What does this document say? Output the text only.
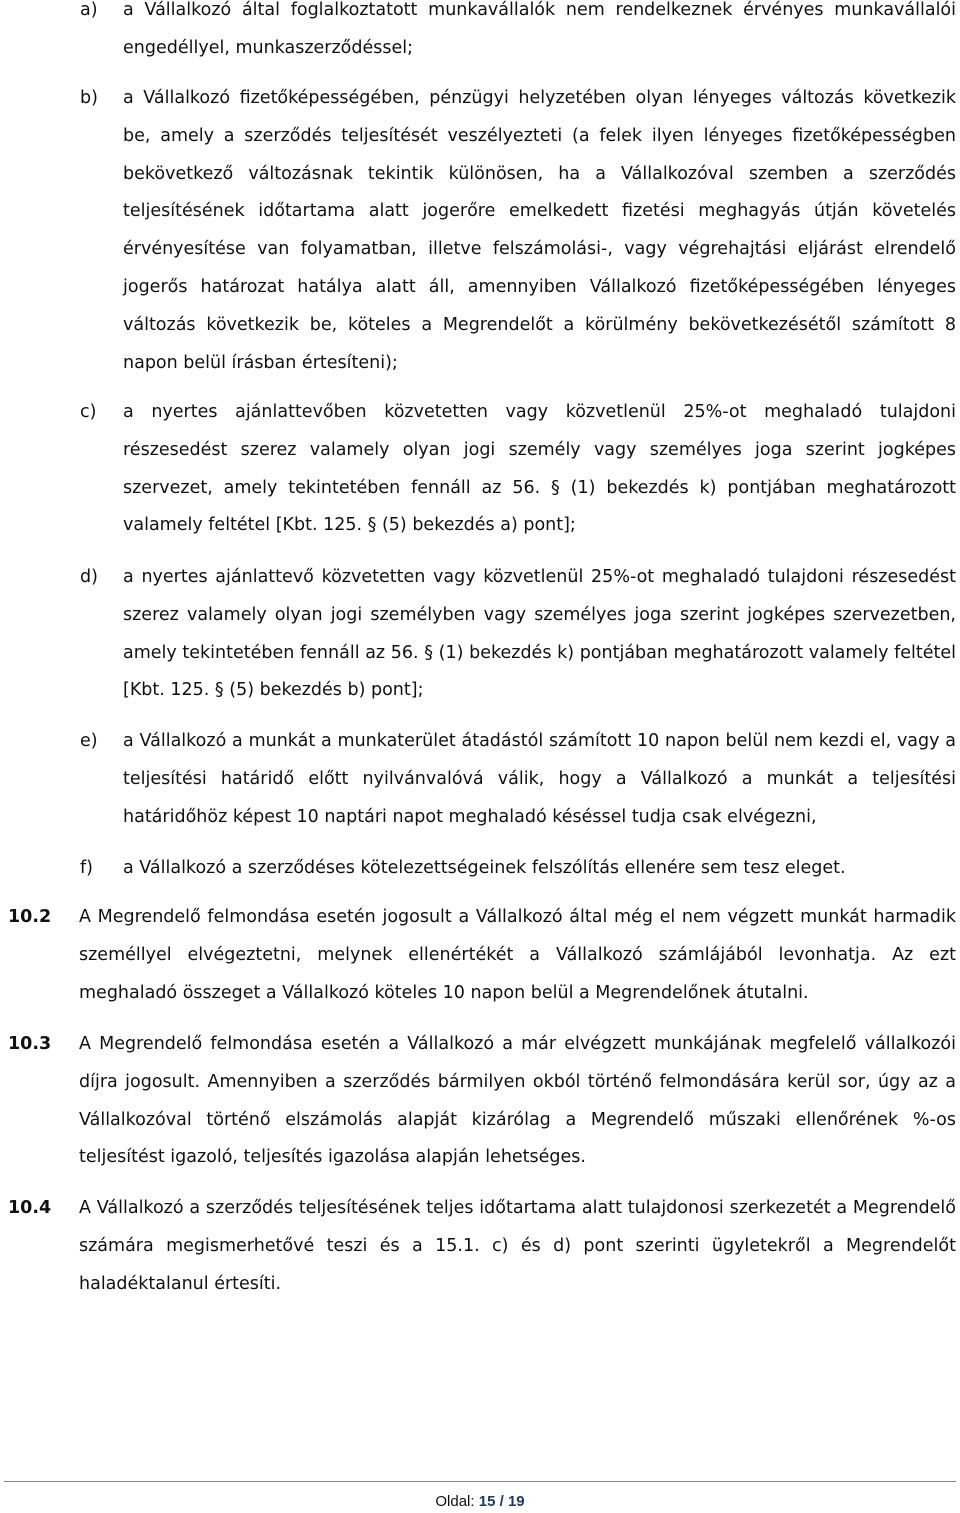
a) a Vállalkozó által foglalkoztatott munkavállalók nem rendelkeznek érvényes munkavállalói engedéllyel, munkaszerződéssel;

b) a Vállalkozó fizetőképességében, pénzügyi helyzetében olyan lényeges változás következik be, amely a szerződés teljesítését veszélyezteti (a felek ilyen lényeges fizetőképességben bekövetkező változásnak tekintik különösen, ha a Vállalkozóval szemben a szerződés teljesítésének időtartama alatt jogerőre emelkedett fizetési meghagyás útján követelés érvényesítése van folyamatban, illetve felszámolási-, vagy végrehajtási eljárást elrendelő jogerős határozat hatálya alatt áll, amennyiben Vállalkozó fizetőképességében lényeges változás következik be, köteles a Megrendelőt a körülmény bekövetkezésétől számított 8 napon belül írásban értesíteni);

c) a nyertes ajánlattevőben közvetetten vagy közvetlenül 25%-ot meghaladó tulajdoni részesedést szerez valamely olyan jogi személy vagy személyes joga szerint jogképes szervezet, amely tekintetében fennáll az 56. § (1) bekezdés k) pontjában meghatározott valamely feltétel [Kbt. 125. § (5) bekezdés a) pont];

d) a nyertes ajánlattevő közvetetten vagy közvetlenül 25%-ot meghaladó tulajdoni részesedést szerez valamely olyan jogi személyben vagy személyes joga szerint jogképes szervezetben, amely tekintetében fennáll az 56. § (1) bekezdés k) pontjában meghatározott valamely feltétel [Kbt. 125. § (5) bekezdés b) pont];

e) a Vállalkozó a munkát a munkaterület átadástól számított 10 napon belül nem kezdi el, vagy a teljesítési határidő előtt nyilvánvalóvá válik, hogy a Vállalkozó a munkát a teljesítési határidőhöz képest 10 naptári napot meghaladó késéssel tudja csak elvégezni,

f) a Vállalkozó a szerződéses kötelezettségeinek felszólítás ellenére sem tesz eleget.

10.2 A Megrendelő felmondása esetén jogosult a Vállalkozó által még el nem végzett munkát harmadik személlyel elvégeztetni, melynek ellenértékét a Vállalkozó számlájából levonhatja. Az ezt meghaladó összeget a Vállalkozó köteles 10 napon belül a Megrendelőnek átutalni.

10.3 A Megrendelő felmondása esetén a Vállalkozó a már elvégzett munkájának megfelelő vállalkozói díjra jogosult. Amennyiben a szerződés bármilyen okból történő felmondására kerül sor, úgy az a Vállalkozóval történő elszámolás alapját kizárólag a Megrendelő műszaki ellenőrének %-os teljesítést igazoló, teljesítés igazolása alapján lehetséges.

10.4 A Vállalkozó a szerződés teljesítésének teljes időtartama alatt tulajdonosi szerkezetét a Megrendelő számára megismerhetővé teszi és a 15.1. c) és d) pont szerinti ügyletekről a Megrendelőt haladéktalanul értesíti.

Oldal: 15 / 19
